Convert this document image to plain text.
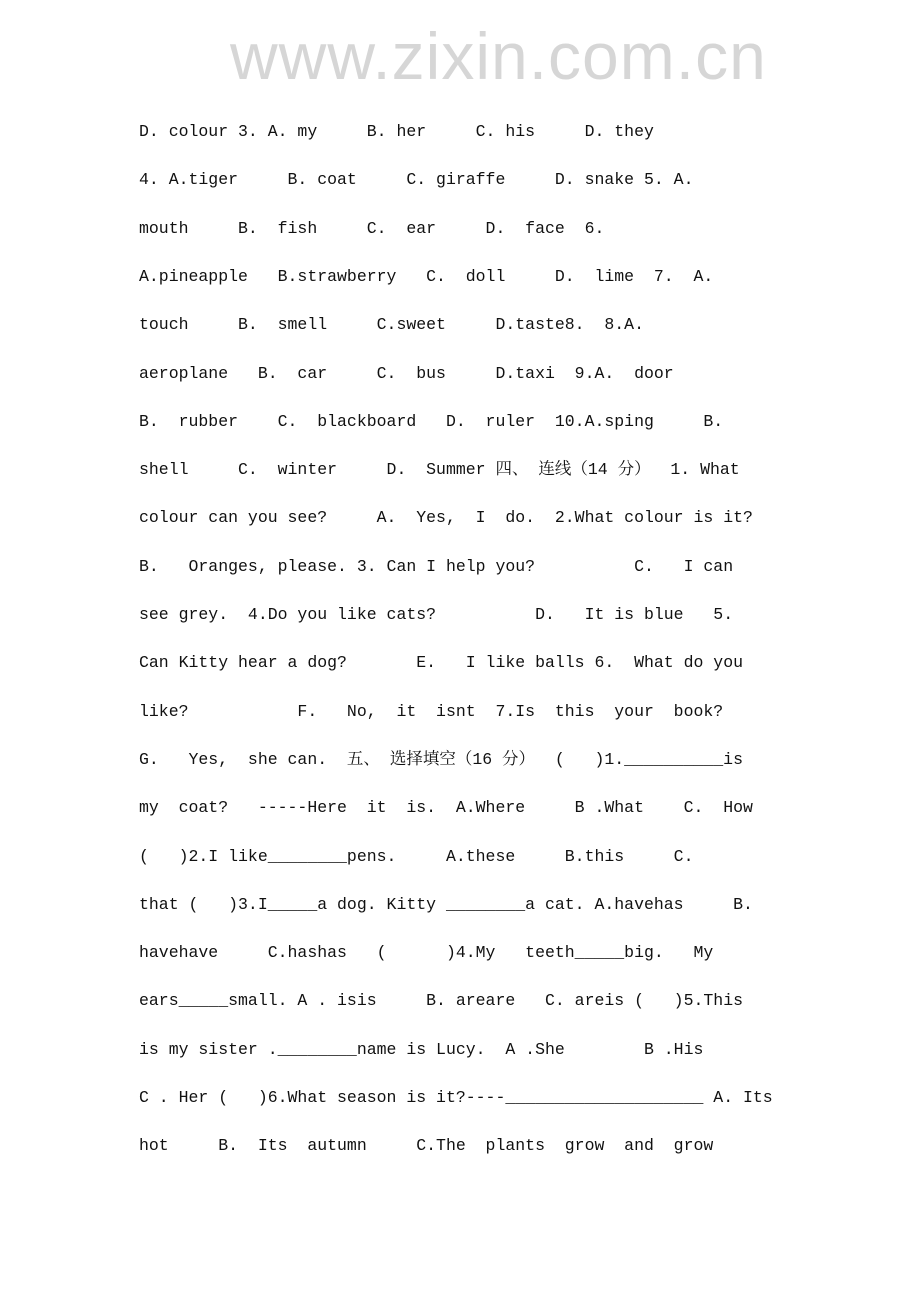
www.zixin.com.cn
D. colour 3. A. my     B. her     C. his     D. they
4. A.tiger     B. coat     C. giraffe     D. snake 5. A.
mouth     B.  fish     C.  ear     D.  face  6.
A.pineapple   B.strawberry   C.  doll     D.  lime  7.  A.
touch     B.  smell     C.sweet     D.taste8.  8.A.
aeroplane   B.  car     C.  bus     D.taxi  9.A.  door
B.  rubber    C.  blackboard   D.  ruler  10.A.sping     B.
shell     C.  winter     D.  Summer 四、 连线（14 分）  1. What
colour can you see?     A.  Yes,  I  do.  2.What colour is it?
B.   Oranges, please. 3. Can I help you?          C.   I can
see grey.  4.Do you like cats?          D.   It is blue   5.
Can Kitty hear a dog?       E.   I like balls 6.  What do you
like?           F.   No,  it  isnt  7.Is  this  your  book?
G.   Yes,  she can.  五、 选择填空（16 分）  (   )1.__________is
my  coat?   -----Here  it  is.  A.Where     B .What    C.  How
(   )2.I like________pens.     A.these     B.this     C.
that (   )3.I_____a dog. Kitty ________a cat. A.havehas     B.
havehave     C.hashas   (      )4.My   teeth_____big.   My
ears_____small. A . isis     B. areare   C. areis (   )5.This
is my sister .________name is Lucy.  A .She        B .His
C . Her (   )6.What season is it?----____________________ A. Its
hot     B.  Its  autumn     C.The  plants  grow  and  grow
